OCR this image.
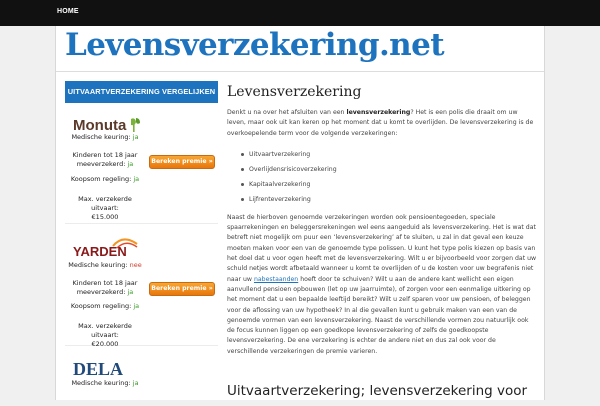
HOME
Levensverzekering.net
UITVAARTVERZEKERING VERGELIJKEN
Monuta
Medische keuring: ja
Kinderen tot 18 jaar
meeverzekerd: ja	Bereken premie »
Koopsom regeling: ja
Max. verzekerde uitvaart:
€15.000
YARDEN
Medische keuring: nee
Kinderen tot 18 jaar
meeverzekerd: ja	Bereken premie »
Koopsom regeling: ja
Max. verzekerde uitvaart:
€20.000
DELA
Medische keuring: ja
Levensverzekering

Denkt u na over het afsluiten van een levensverzekering? Het is een polis die draait om uw leven, maar ook uit kan keren op het moment dat u komt te overlijden. De levensverzekering is de overkoepelende term voor de volgende verzekeringen:

Uitvaartverzekering
Overlijdensrisicoverzekering
Kapitaalverzekering
Lijfrenteverzekering

Naast de hierboven genoemde verzekeringen worden ook pensioentegoeden, speciale spaarrekeningen en beleggersrekeningen wel eens aangeduid als levensverzekering. Het is wat dat betreft niet mogelijk om puur een ‘levensverzekering’ af te sluiten, u zal in dat geval een keuze moeten maken voor een van de genoemde type polissen. U kunt het type polis kiezen op basis van het doel dat u voor ogen heeft met de levensverzekering. Wilt u er bijvoorbeeld voor zorgen dat uw schuld netjes wordt afbetaald wanneer u komt te overlijden of u de kosten voor uw begrafenis niet naar uw nabestaanden hoeft door te schuiven? Wilt u aan de andere kant wellicht een eigen aanvullend pensioen opbouwen (let op uw jaarruimte), of zorgen voor een eenmalige uitkering op het moment dat u een bepaalde leeftijd bereikt? Wilt u zelf sparen voor uw pensioen, of beleggen voor de aflossing van uw hypotheek? In al die gevallen kunt u gebruik maken van een van de genoemde vormen van een levensverzekering. Naast de verschillende vormen zou natuurlijk ook de focus kunnen liggen op een goedkope levensverzekering of zelfs de goedkoopste levensverzekering. De ene verzekering is echter de andere niet en dus zal ook voor de verschillende verzekeringen de premie varieren.

Uitvaartverzekering; levensverzekering voor
